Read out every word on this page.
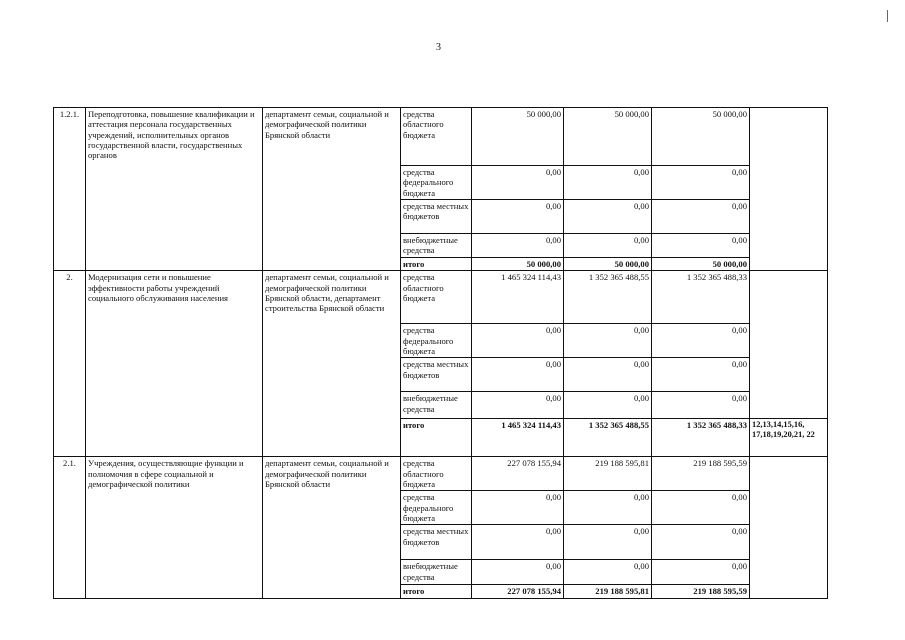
3
1.2.1.	Переподготовка, повышение квалификации и аттестация персонала государственных учреждений, исполнительных органов государственной власти, государственных органов	департамент семьи, социальной и демографической политики Брянской области	средства областного бюджета	50 000,00	50 000,00	50 000,00	
			средства федерального бюджета	0,00	0,00	0,00	
			средства местных бюджетов	0,00	0,00	0,00	
			внебюджетные средства	0,00	0,00	0,00	
			итого	50 000,00	50 000,00	50 000,00	
2.	Модернизация сети и повышение эффективности работы учреждений социального обслуживания населения	департамент семьи, социальной и демографической политики Брянской области, департамент строительства Брянской области	средства областного бюджета	1 465 324 114,43	1 352 365 488,55	1 352 365 488,33	
			средства федерального бюджета	0,00	0,00	0,00	
			средства местных бюджетов	0,00	0,00	0,00	
			внебюджетные средства	0,00	0,00	0,00	
			итого	1 465 324 114,43	1 352 365 488,55	1 352 365 488,33	12,13,14,15,16, 17,18,19,20,21, 22
2.1.	Учреждения, осуществляющие функции и полномочия в сфере социальной и демографической политики	департамент семьи, социальной и демографической политики Брянской области	средства областного бюджета	227 078 155,94	219 188 595,81	219 188 595,59	
			средства федерального бюджета	0,00	0,00	0,00	
			средства местных бюджетов	0,00	0,00	0,00	
			внебюджетные средства	0,00	0,00	0,00	
			итого	227 078 155,94	219 188 595,81	219 188 595,59	
